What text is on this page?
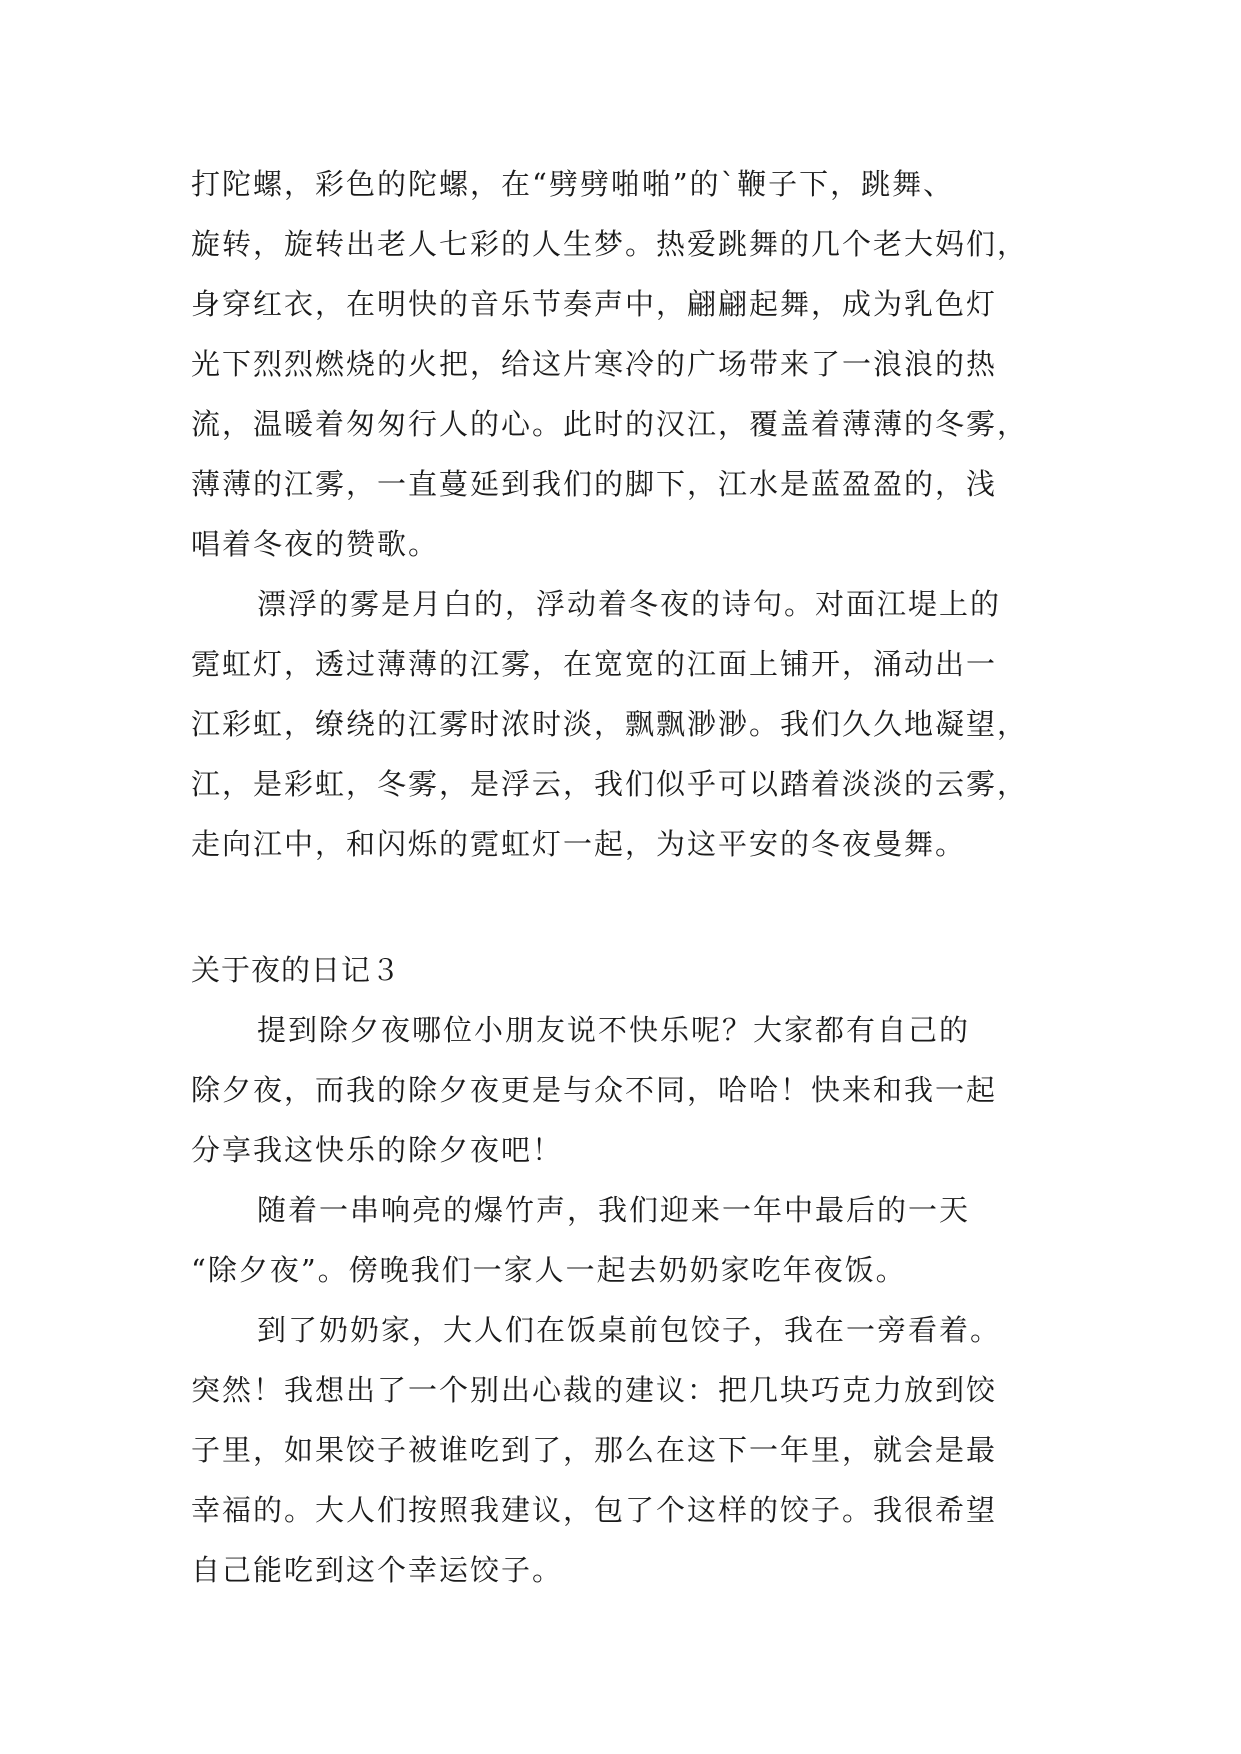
打陀螺，彩色的陀螺，在“劈劈啪啪”的`鞭子下，跳舞、
旋转，旋转出老人七彩的人生梦。热爱跳舞的几个老大妈们，
身穿红衣，在明快的音乐节奏声中，翩翩起舞，成为乳色灯
光下烈烈燃烧的火把，给这片寒冷的广场带来了一浪浪的热
流，温暖着匆匆行人的心。此时的汉江，覆盖着薄薄的冬雾，
薄薄的江雾，一直蔓延到我们的脚下，江水是蓝盈盈的，浅
唱着冬夜的赞歌。
漂浮的雾是月白的，浮动着冬夜的诗句。对面江堤上的
霓虹灯，透过薄薄的江雾，在宽宽的江面上铺开，涌动出一
江彩虹，缭绕的江雾时浓时淡，飘飘渺渺。我们久久地凝望，
江，是彩虹，冬雾，是浮云，我们似乎可以踏着淡淡的云雾，
走向江中，和闪烁的霓虹灯一起，为这平安的冬夜曼舞。
关于夜的日记３
提到除夕夜哪位小朋友说不快乐呢？大家都有自己的
除夕夜，而我的除夕夜更是与众不同，哈哈！快来和我一起
分享我这快乐的除夕夜吧！
随着一串响亮的爆竹声，我们迎来一年中最后的一天
“除夕夜”。傍晚我们一家人一起去奶奶家吃年夜饭。
到了奶奶家，大人们在饭桌前包饺子，我在一旁看着。
突然！我想出了一个别出心裁的建议：把几块巧克力放到饺
子里，如果饺子被谁吃到了，那么在这下一年里，就会是最
幸福的。大人们按照我建议，包了个这样的饺子。我很希望
自己能吃到这个幸运饺子。
